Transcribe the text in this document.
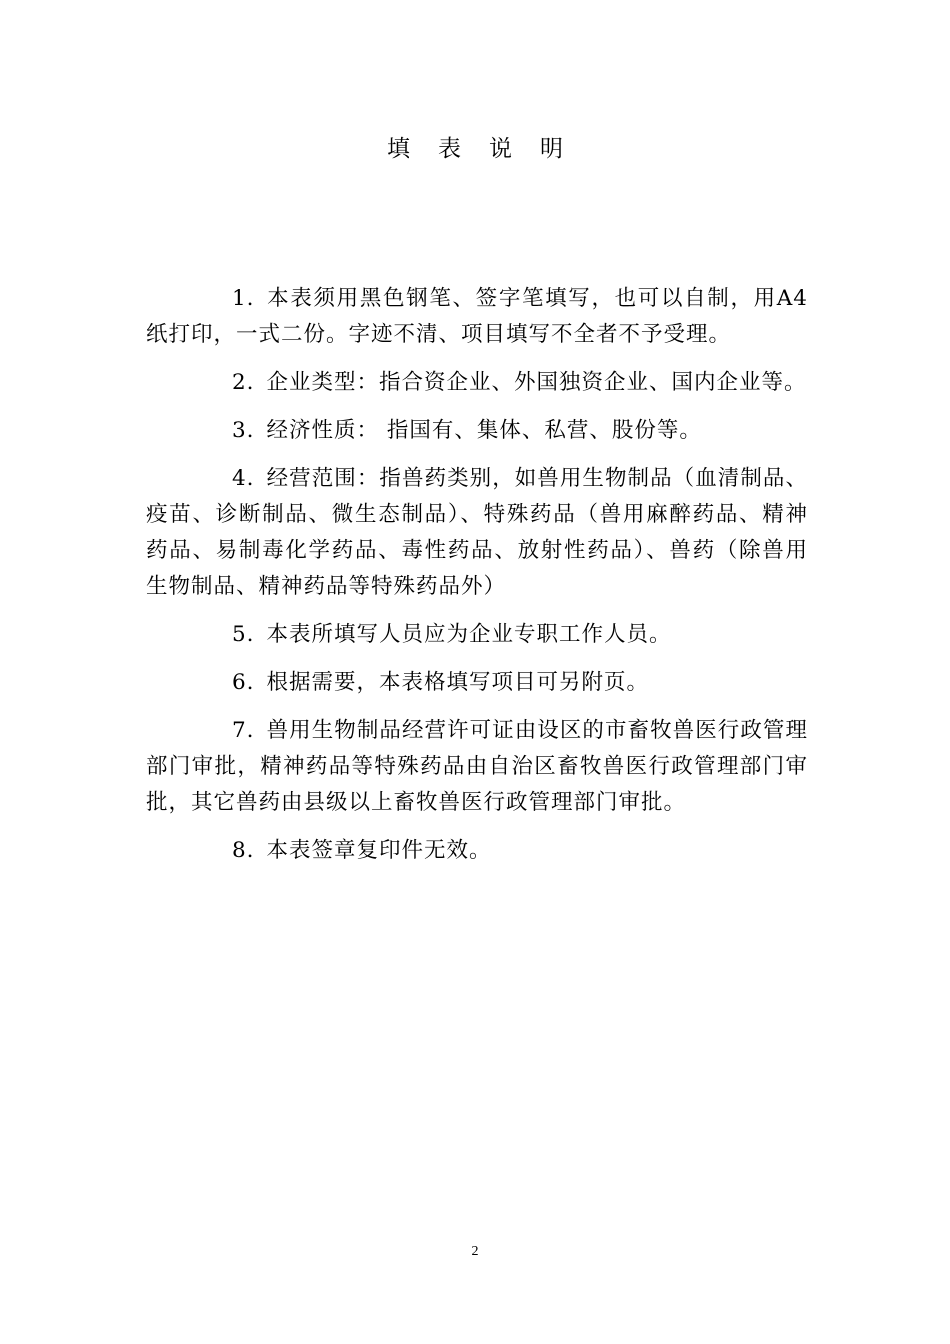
填表说明

1. 本表须用黑色钢笔、签字笔填写，也可以自制，用A4纸打印，一式二份。字迹不清、项目填写不全者不予受理。

2. 企业类型：指合资企业、外国独资企业、国内企业等。

3. 经济性质： 指国有、集体、私营、股份等。

4. 经营范围：指兽药类别，如兽用生物制品（血清制品、疫苗、诊断制品、微生态制品）、特殊药品（兽用麻醉药品、精神药品、易制毒化学药品、毒性药品、放射性药品）、兽药（除兽用生物制品、精神药品等特殊药品外）

5. 本表所填写人员应为企业专职工作人员。

6. 根据需要，本表格填写项目可另附页。

7. 兽用生物制品经营许可证由设区的市畜牧兽医行政管理部门审批，精神药品等特殊药品由自治区畜牧兽医行政管理部门审批，其它兽药由县级以上畜牧兽医行政管理部门审批。

8. 本表签章复印件无效。

2
